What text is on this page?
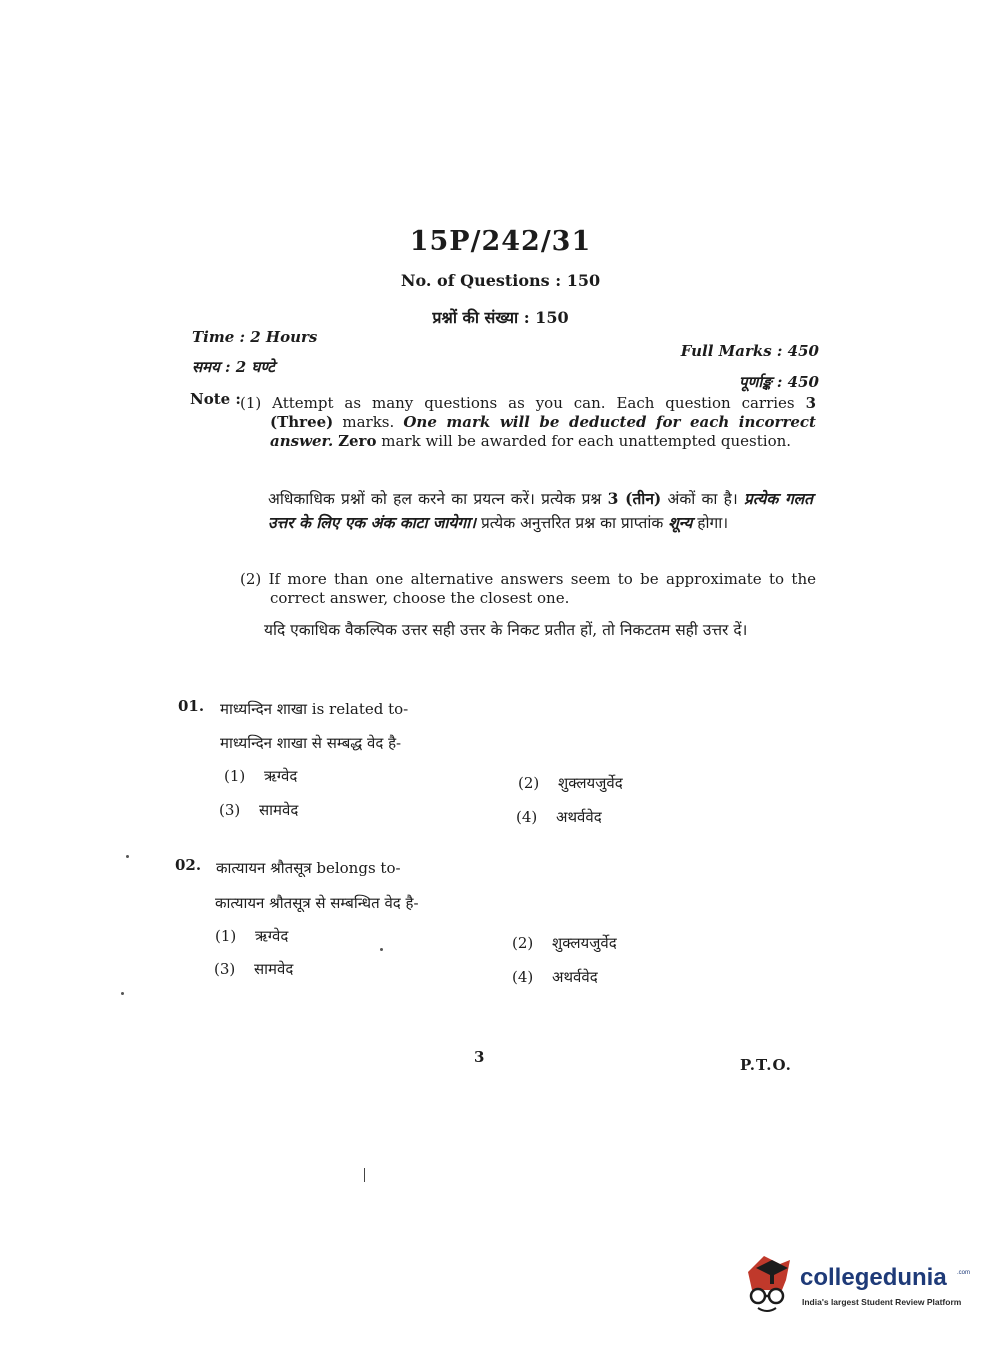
15P/242/31
No. of Questions : 150
प्रश्नों की संख्या : 150
Time : 2 Hours
समय : 2 घण्टे
Full Marks : 450
पूर्णाङ्क : 450
Note : (1) Attempt as many questions as you can. Each question carries 3 (Three) marks. One mark will be deducted for each incorrect answer. Zero mark will be awarded for each unattempted question.
अधिकाधिक प्रश्नों को हल करने का प्रयत्न करें। प्रत्येक प्रश्न 3 (तीन) अंकों का है। प्रत्येक गलत उत्तर के लिए एक अंक काटा जायेगा। प्रत्येक अनुत्तरित प्रश्न का प्राप्तांक शून्य होगा।
(2) If more than one alternative answers seem to be approximate to the correct answer, choose the closest one.
यदि एकाधिक वैकल्पिक उत्तर सही उत्तर के निकट प्रतीत हों, तो निकटतम सही उत्तर दें।
01. माध्यन्दिन शाखा is related to-
माध्यन्दिन शाखा से सम्बद्ध वेद है-
(1) ऋग्वेद	(2) शुक्लयजुर्वेद
(3) सामवेद	(4) अथर्ववेद
02. कात्यायन श्रौतसूत्र belongs to-
कात्यायन श्रौतसूत्र से सम्बन्धित वेद है-
(1) ऋग्वेद	(2) शुक्लयजुर्वेद
(3) सामवेद	(4) अथर्ववेद
3	P.T.O.
collegedunia .com
India's largest Student Review Platform
